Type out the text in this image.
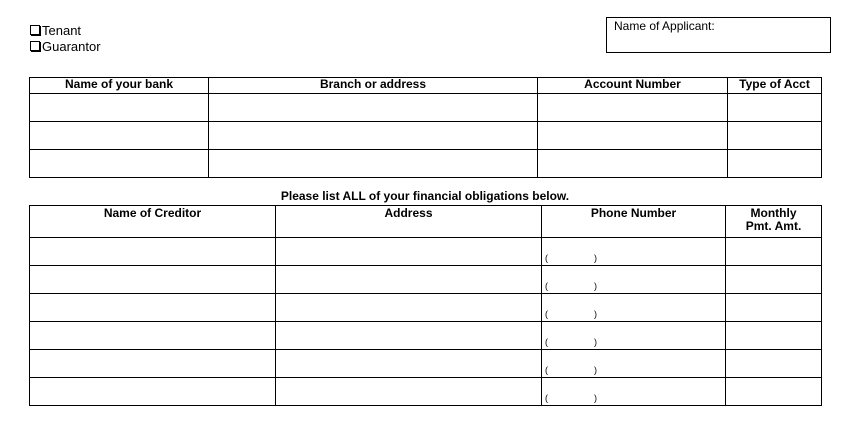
Tenant
Guarantor
Name of Applicant:
Name of your bank	Branch or address	Account Number	Type of Acct

Please list ALL of your financial obligations below.
Name of Creditor	Address	Phone Number	Monthly Pmt. Amt.

		( )	

		( )	

		( )	

		( )	

		( )	

		( )	
